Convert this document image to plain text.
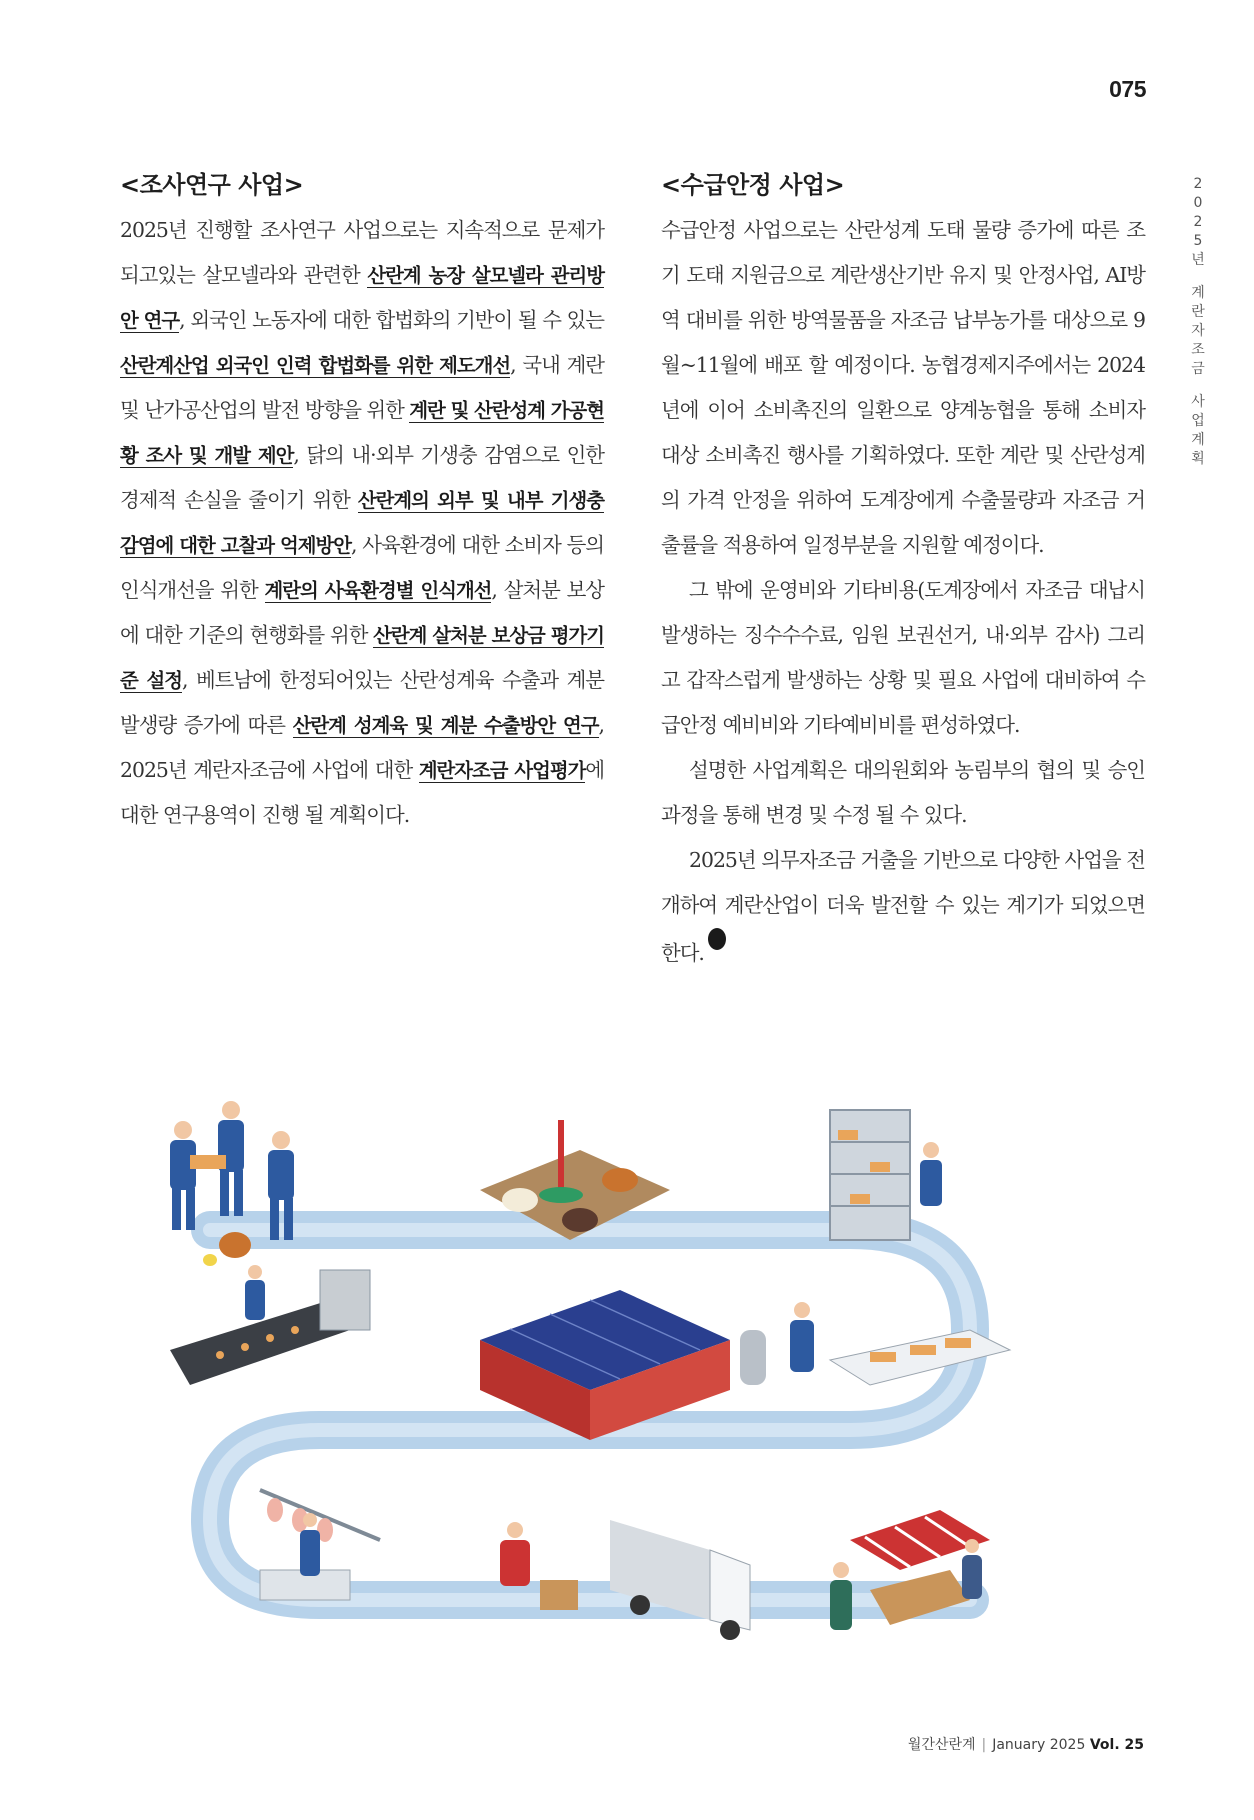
075
2
0
2
5
년
계
란
자
조
금
사
업
계
획
<조사연구 사업>

2025년 진행할 조사연구 사업으로는 지속적으로 문제가 되고있는 살모넬라와 관련한 산란계 농장 살모넬라 관리방안 연구, 외국인 노동자에 대한 합법화의 기반이 될 수 있는 산란계산업 외국인 인력 합법화를 위한 제도개선, 국내 계란 및 난가공산업의 발전 방향을 위한 계란 및 산란성계 가공현황 조사 및 개발 제안, 닭의 내·외부 기생충 감염으로 인한 경제적 손실을 줄이기 위한 산란계의 외부 및 내부 기생충 감염에 대한 고찰과 억제방안, 사육환경에 대한 소비자 등의 인식개선을 위한 계란의 사육환경별 인식개선, 살처분 보상에 대한 기준의 현행화를 위한 산란계 살처분 보상금 평가기준 설정, 베트남에 한정되어있는 산란성계육 수출과 계분발생량 증가에 따른 산란계 성계육 및 계분 수출방안 연구, 2025년 계란자조금에 사업에 대한 계란자조금 사업평가에 대한 연구용역이 진행 될 계획이다.

<수급안정 사업>

수급안정 사업으로는 산란성계 도태 물량 증가에 따른 조기 도태 지원금으로 계란생산기반 유지 및 안정사업, AI방역 대비를 위한 방역물품을 자조금 납부농가를 대상으로 9월~11월에 배포 할 예정이다. 농협경제지주에서는 2024년에 이어 소비촉진의 일환으로 양계농협을 통해 소비자 대상 소비촉진 행사를 기획하였다. 또한 계란 및 산란성계의 가격 안정을 위하여 도계장에게 수출물량과 자조금 거출률을 적용하여 일정부분을 지원할 예정이다.

그 밖에 운영비와 기타비용(도계장에서 자조금 대납시 발생하는 징수수수료, 임원 보권선거, 내·외부 감사) 그리고 갑작스럽게 발생하는 상황 및 필요 사업에 대비하여 수급안정 예비비와 기타예비비를 편성하였다.

설명한 사업계획은 대의원회와 농림부의 협의 및 승인 과정을 통해 변경 및 수정 될 수 있다.

2025년 의무자조금 거출을 기반으로 다양한 사업을 전개하여 계란산업이 더욱 발전할 수 있는 계기가 되었으면 한다.양계

월간산란계 | January 2025 Vol. 25
